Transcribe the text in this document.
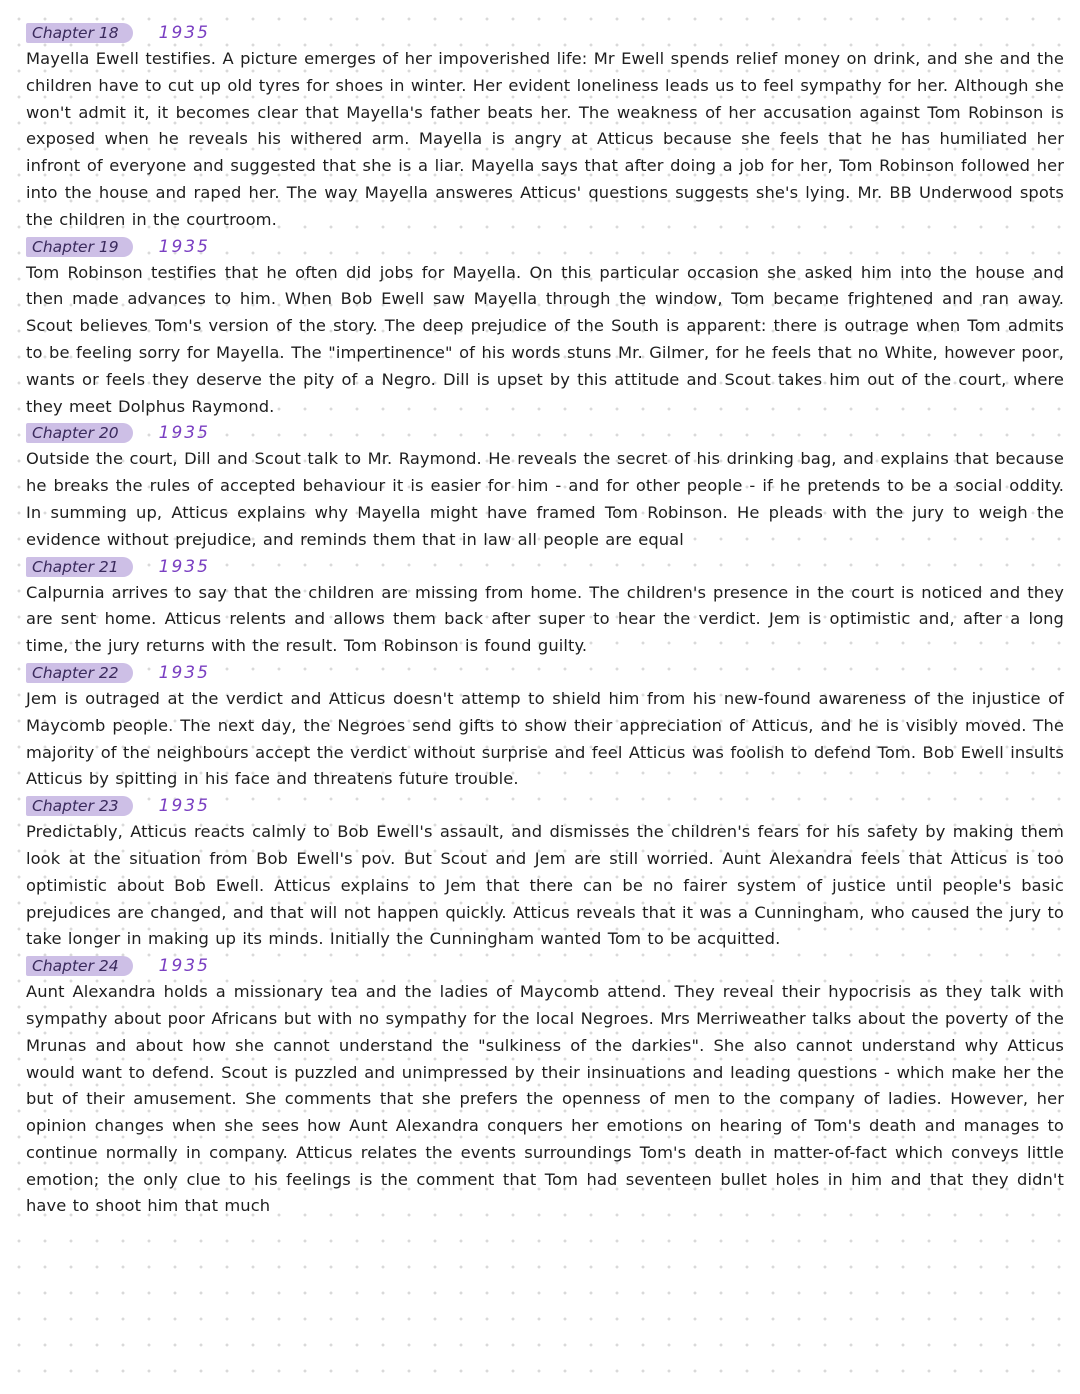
Chapter 18	1935

Mayella Ewell testifies. A picture emerges of her impoverished life: Mr Ewell spends relief money on drink, and she and the children have to cut up old tyres for shoes in winter. Her evident loneliness leads us to feel sympathy for her. Although she won't admit it, it becomes clear that Mayella's father beats her. The weakness of her accusation against Tom Robinson is exposed when he reveals his withered arm. Mayella is angry at Atticus because she feels that he has humiliated her infront of everyone and suggested that she is a liar. Mayella says that after doing a job for her, Tom Robinson followed her into the house and raped her. The way Mayella answeres Atticus' questions suggests she's lying. Mr. BB Underwood spots the children in the courtroom.

Chapter 19	1935

Tom Robinson testifies that he often did jobs for Mayella. On this particular occasion she asked him into the house and then made advances to him. When Bob Ewell saw Mayella through the window, Tom became frightened and ran away. Scout believes Tom's version of the story. The deep prejudice of the South is apparent: there is outrage when Tom admits to be feeling sorry for Mayella. The "impertinence" of his words stuns Mr. Gilmer, for he feels that no White, however poor, wants or feels they deserve the pity of a Negro. Dill is upset by this attitude and Scout takes him out of the court, where they meet Dolphus Raymond.

Chapter 20	1935

Outside the court, Dill and Scout talk to Mr. Raymond. He reveals the secret of his drinking bag, and explains that because he breaks the rules of accepted behaviour it is easier for him - and for other people - if he pretends to be a social oddity. In summing up, Atticus explains why Mayella might have framed Tom Robinson. He pleads with the jury to weigh the evidence without prejudice, and reminds them that in law all people are equal

Chapter 21	1935

Calpurnia arrives to say that the children are missing from home. The children's presence in the court is noticed and they are sent home. Atticus relents and allows them back after super to hear the verdict. Jem is optimistic and, after a long time, the jury returns with the result. Tom Robinson is found guilty.

Chapter 22	1935

Jem is outraged at the verdict and Atticus doesn't attemp to shield him from his new-found awareness of the injustice of Maycomb people. The next day, the Negroes send gifts to show their appreciation of Atticus, and he is visibly moved. The majority of the neighbours accept the verdict without surprise and feel Atticus was foolish to defend Tom. Bob Ewell insults Atticus by spitting in his face and threatens future trouble.

Chapter 23	1935

Predictably, Atticus reacts calmly to Bob Ewell's assault, and dismisses the children's fears for his safety by making them look at the situation from Bob Ewell's pov. But Scout and Jem are still worried. Aunt Alexandra feels that Atticus is too optimistic about Bob Ewell. Atticus explains to Jem that there can be no fairer system of justice until people's basic prejudices are changed, and that will not happen quickly. Atticus reveals that it was a Cunningham, who caused the jury to take longer in making up its minds. Initially the Cunningham wanted Tom to be acquitted.

Chapter 24	1935

Aunt Alexandra holds a missionary tea and the ladies of Maycomb attend. They reveal their hypocrisis as they talk with sympathy about poor Africans but with no sympathy for the local Negroes. Mrs Merriweather talks about the poverty of the Mrunas and about how she cannot understand the "sulkiness of the darkies". She also cannot understand why Atticus would want to defend. Scout is puzzled and unimpressed by their insinuations and leading questions - which make her the but of their amusement. She comments that she prefers the openness of men to the company of ladies. However, her opinion changes when she sees how Aunt Alexandra conquers her emotions on hearing of Tom's death and manages to continue normally in company. Atticus relates the events surroundings Tom's death in matter-of-fact which conveys little emotion; the only clue to his feelings is the comment that Tom had seventeen bullet holes in him and that they didn't have to shoot him that much
